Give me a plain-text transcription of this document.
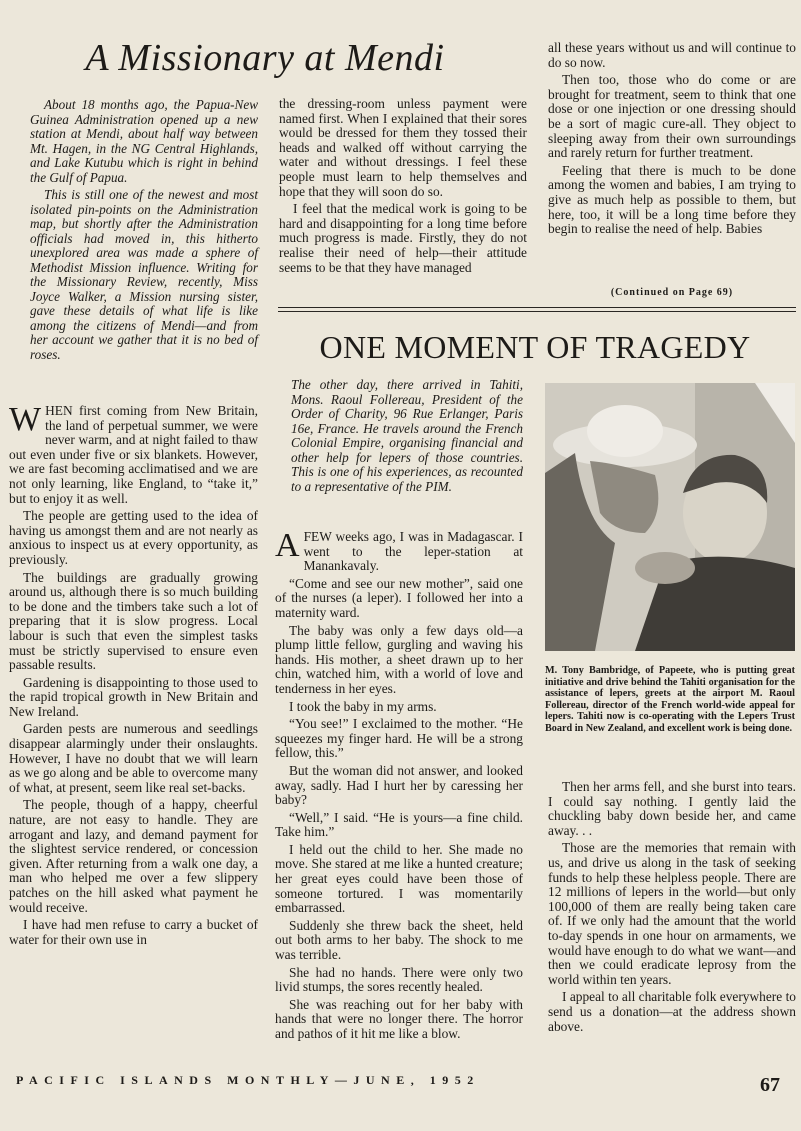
A Missionary at Mendi

About 18 months ago, the Papua-New Guinea Administration opened up a new station at Mendi, about half way between Mt. Hagen, in the NG Central Highlands, and Lake Kutubu which is right in behind the Gulf of Papua.

This is still one of the newest and most isolated pin-points on the Administration map, but shortly after the Administration officials had moved in, this hitherto unexplored area was made a sphere of Methodist Mission influence. Writing for the Missionary Review, recently, Miss Joyce Walker, a Mission nursing sister, gave these details of what life is like among the citizens of Mendi—and from her account we gather that it is no bed of roses.

WHEN first coming from New Britain, the land of perpetual summer, we were never warm, and at night failed to thaw out even under five or six blankets. However, we are fast becoming acclimatised and we are not only learning, like England, to “take it,” but to enjoy it as well.

The people are getting used to the idea of having us amongst them and are not nearly as anxious to inspect us at every opportunity, as previously.

The buildings are gradually growing around us, although there is so much building to be done and the timbers take such a lot of preparing that it is slow progress. Local labour is such that even the simplest tasks must be strictly supervised to ensure even passable results.

Gardening is disappointing to those used to the rapid tropical growth in New Britain and New Ireland.

Garden pests are numerous and seedlings disappear alarmingly under their onslaughts. However, I have no doubt that we will learn as we go along and be able to overcome many of what, at present, seem like real set-backs.

The people, though of a happy, cheerful nature, are not easy to handle. They are arrogant and lazy, and demand payment for the slightest service rendered, or concession given. After returning from a walk one day, a man who helped me over a few slippery patches on the hill asked what payment he would receive.

I have had men refuse to carry a bucket of water for their own use in

the dressing-room unless payment were named first. When I explained that their sores would be dressed for them they tossed their heads and walked off without carrying the water and without dressings. I feel these people must learn to help themselves and hope that they will soon do so.

I feel that the medical work is going to be hard and disappointing for a long time before much progress is made. Firstly, they do not realise their need of help—their attitude seems to be that they have managed

all these years without us and will continue to do so now.

Then too, those who do come or are brought for treatment, seem to think that one dose or one injection or one dressing should be a sort of magic cure-all. They object to sleeping away from their own surroundings and rarely return for further treatment.

Feeling that there is much to be done among the women and babies, I am trying to give as much help as possible to them, but here, too, it will be a long time before they begin to realise the need of help. Babies

(Continued on Page 69)
ONE MOMENT OF TRAGEDY

The other day, there arrived in Tahiti, Mons. Raoul Follereau, President of the Order of Charity, 96 Rue Erlanger, Paris 16e, France. He travels around the French Colonial Empire, organising financial and other help for lepers of those countries. This is one of his experiences, as recounted to a representative of the PIM.

AFEW weeks ago, I was in Madagascar. I went to the leper-station at Manankavaly.

“Come and see our new mother”, said one of the nurses (a leper). I followed her into a maternity ward.

The baby was only a few days old—a plump little fellow, gurgling and waving his hands. His mother, a sheet drawn up to her chin, watched him, with a world of love and tenderness in her eyes.

I took the baby in my arms.

“You see!” I exclaimed to the mother. “He squeezes my finger hard. He will be a strong fellow, this.”

But the woman did not answer, and looked away, sadly. Had I hurt her by caressing her baby?

“Well,” I said. “He is yours—a fine child. Take him.”

I held out the child to her. She made no move. She stared at me like a hunted creature; her great eyes could have been those of someone tortured. I was momentarily embarrassed.

Suddenly she threw back the sheet, held out both arms to her baby. The shock to me was terrible.

She had no hands. There were only two livid stumps, the sores recently healed.

She was reaching out for her baby with hands that were no longer there. The horror and pathos of it hit me like a blow.

M. Tony Bambridge, of Papeete, who is putting great initiative and drive behind the Tahiti organisation for the assistance of lepers, greets at the airport M. Raoul Follereau, director of the French world-wide appeal for lepers. Tahiti now is co-operating with the Lepers Trust Board in New Zealand, and excellent work is being done.

Then her arms fell, and she burst into tears. I could say nothing. I gently laid the chuckling baby down beside her, and came away. . .

Those are the memories that remain with us, and drive us along in the task of seeking funds to help these helpless people. There are 12 millions of lepers in the world—but only 100,000 of them are really being taken care of. If we only had the amount that the world to-day spends in one hour on armaments, we would have enough to do what we want—and then we could eradicate leprosy from the world within ten years.

I appeal to all charitable folk everywhere to send us a donation—at the address shown above.

PACIFIC ISLANDS MONTHLY—JUNE, 1952	67
